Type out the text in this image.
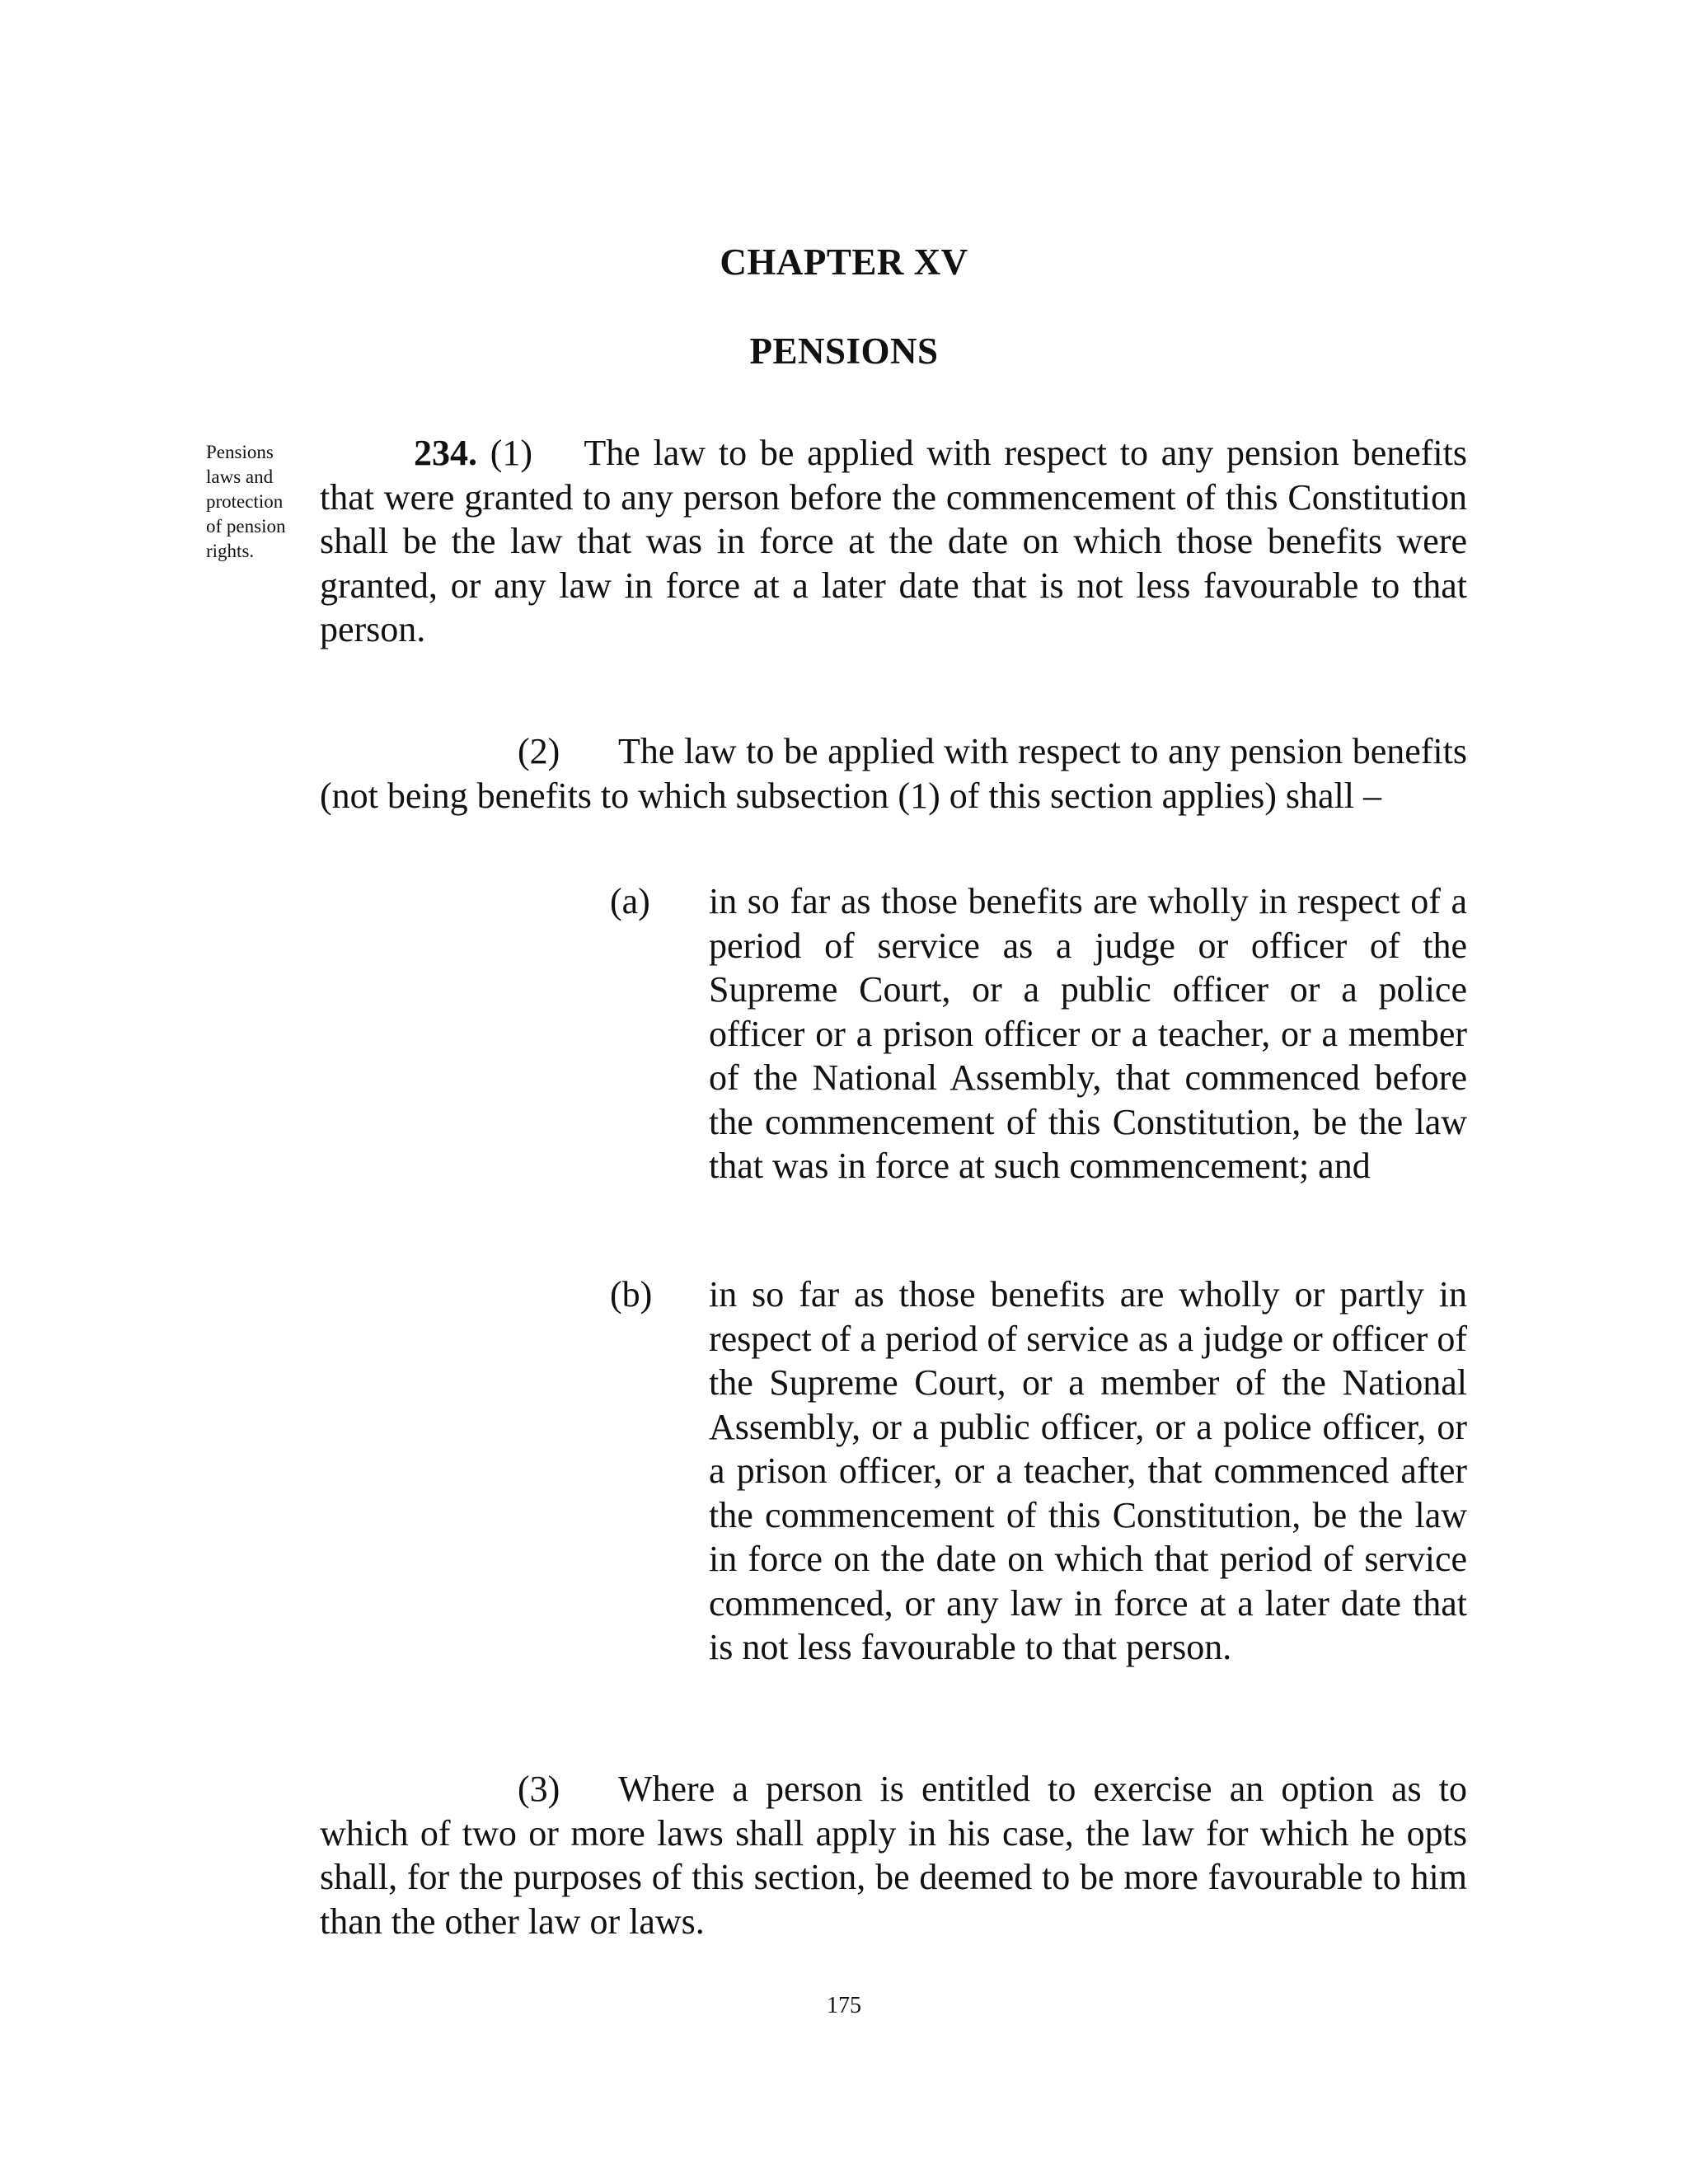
CHAPTER XV
PENSIONS
Pensions
laws and
protection
of pension
rights.
234. (1) The law to be applied with respect to any pension benefits that were granted to any person before the commencement of this Constitution shall be the law that was in force at the date on which those benefits were granted, or any law in force at a later date that is not less favourable to that person.
(2) The law to be applied with respect to any pension benefits (not being benefits to which subsection (1) of this section applies) shall –
(a)	in so far as those benefits are wholly in respect of a period of service as a judge or officer of the Supreme Court, or a public officer or a police officer or a prison officer or a teacher, or a member of the National Assembly, that commenced before the commencement of this Constitution, be the law that was in force at such commencement; and
(b)	in so far as those benefits are wholly or partly in respect of a period of service as a judge or officer of the Supreme Court, or a member of the National Assembly, or a public officer, or a police officer, or a prison officer, or a teacher, that commenced after the commencement of this Constitution, be the law in force on the date on which that period of service commenced, or any law in force at a later date that is not less favourable to that person.
(3) Where a person is entitled to exercise an option as to which of two or more laws shall apply in his case, the law for which he opts shall, for the purposes of this section, be deemed to be more favourable to him than the other law or laws.
175
